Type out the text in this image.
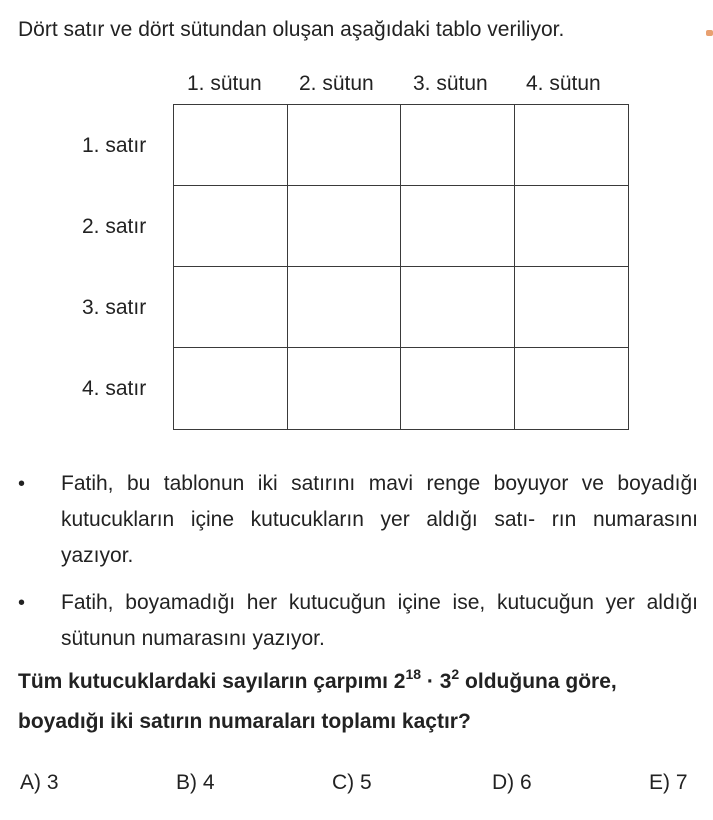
Dört satır ve dört sütundan oluşan aşağıdaki tablo veriliyor.
1. sütun 2. sütun 3. sütun 4. sütun
1. satır
2. satır
3. satır
4. satır
•	Fatih, bu tablonun iki satırını mavi renge boyuyor ve boyadığı kutucukların içine kutucukların yer aldığı satı- rın numarasını yazıyor.
•	Fatih, boyamadığı her kutucuğun içine ise, kutucuğun yer aldığı sütunun numarasını yazıyor.
Tüm kutucuklardaki sayıların çarpımı $2^{18} \cdot 3^2$ olduğuna göre, boyadığı iki satırın numaraları toplamı kaçtır?
A) 3	B) 4	C) 5	D) 6	E) 7
